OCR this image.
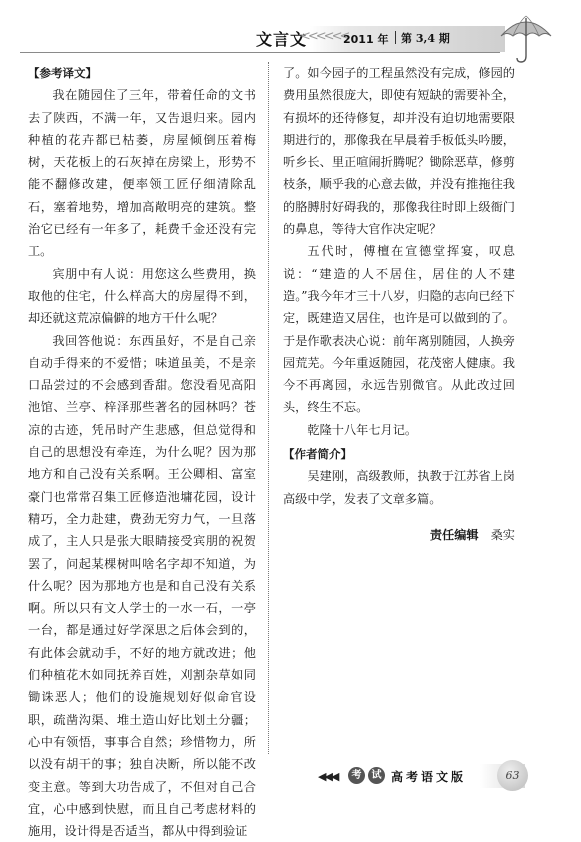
文言文
<<<<<<
2011 年 第 3,4 期

【参考译文】

我在随园住了三年，带着任命的文书去了陕西，不满一年，又告退归来。园内种植的花卉都已枯萎，房屋倾倒压着梅树，天花板上的石灰掉在房梁上，形势不能不翻修改建，便率领工匠仔细清除乱石，塞着地势，增加高敞明亮的建筑。整治它已经有一年多了，耗费千金还没有完工。

宾朋中有人说：用您这么些费用，换取他的住宅，什么样高大的房屋得不到，却还就这荒凉偏僻的地方干什么呢？

我回答他说：东西虽好，不是自己亲自动手得来的不爱惜；味道虽美，不是亲口品尝过的不会感到香甜。您没看见高阳池馆、兰亭、梓泽那些著名的园林吗？苍凉的古迹，凭吊时产生悲感，但总觉得和自己的思想没有牵连，为什么呢？因为那地方和自己没有关系啊。王公卿相、富室豪门也常常召集工匠修造池墉花园，设计精巧，全力赴建，费劲无穷力气，一旦落成了，主人只是张大眼睛接受宾朋的祝贺罢了，问起某棵树叫啥名字却不知道，为什么呢？因为那地方也是和自己没有关系啊。所以只有文人学士的一水一石，一亭一台，都是通过好学深思之后体会到的，有此体会就动手，不好的地方就改进；他们种植花木如同抚养百姓，刈割杂草如同锄诛恶人；他们的设施规划好似命官设职，疏凿沟渠、堆土造山好比划土分疆；心中有领悟，事事合自然；珍惜物力，所以没有胡干的事；独自决断，所以能不改变主意。等到大功告成了，不但对自己合宜，心中感到快慰，而且自己考虑材料的施用，设计得是否适当，都从中得到验证

了。如今园子的工程虽然没有完成，修园的费用虽然很庞大，即使有短缺的需要补全，有损坏的还待修复，却并没有迫切地需要限期进行的，那像我在早晨着手板低头吟腰，听乡长、里正喧闹折腾呢？锄除恶草，修剪枝条，顺乎我的心意去做，并没有推拖往我的胳膊肘好碍我的，那像我往时即上级衙门的鼻息，等待大官作决定呢？

五代时，傅檀在宣德堂挥宴，叹息说：“建造的人不居住，居住的人不建造。”我今年才三十八岁，归隐的志向已经下定，既建造又居住，也许是可以做到的了。于是作歌表决心说：前年离别随园，人换旁园荒芜。今年重返随园，花茂密人健康。我今不再离园，永远告别微官。从此改过回头，终生不忘。

乾隆十八年七月记。

【作者简介】

吴建刚，高级教师，执教于江苏省上岗高级中学，发表了文章多篇。

责任编辑 桑实

◀◀◀	考	试 高考语文版	63
